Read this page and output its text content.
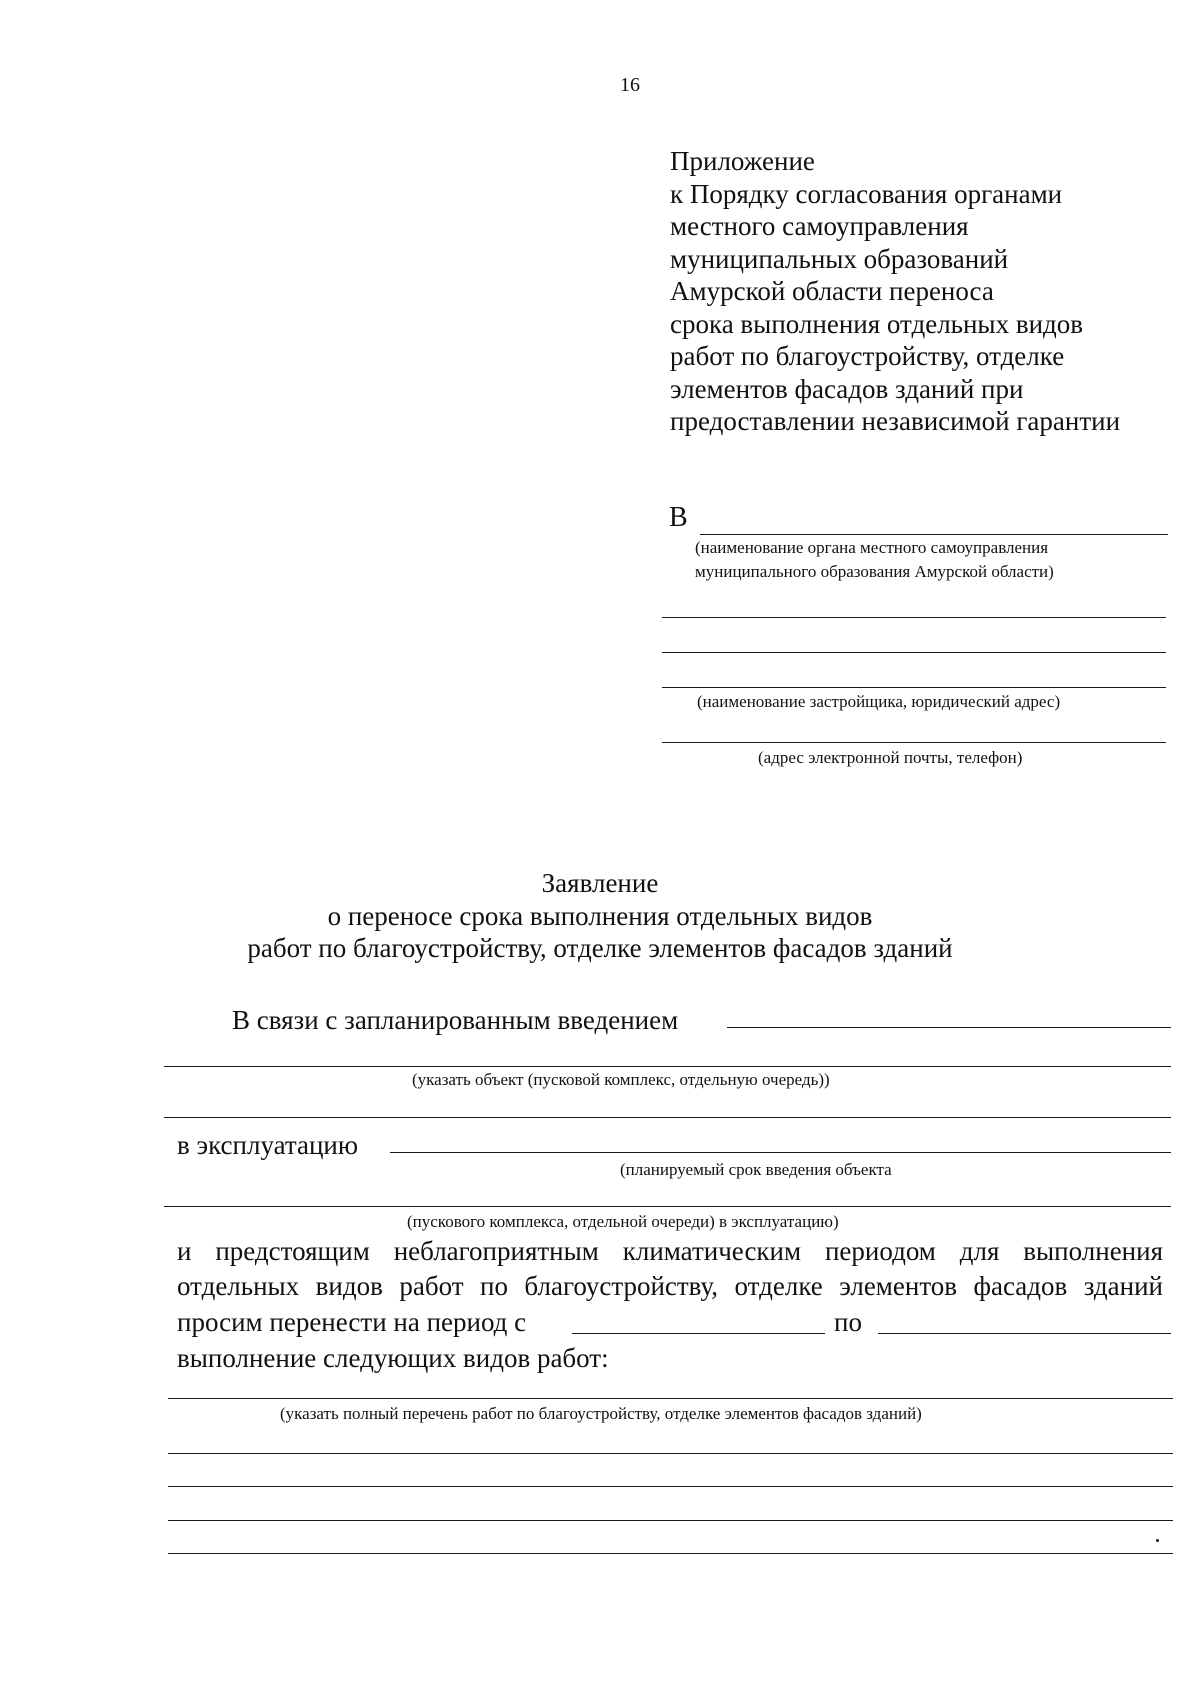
16
Приложение
к Порядку согласования органами
местного самоуправления
муниципальных образований
Амурской области переноса
срока выполнения отдельных видов
работ по благоустройству, отделке
элементов фасадов зданий при
предоставлении независимой гарантии
В
(наименование органа местного самоуправления
муниципального образования Амурской области)
(наименование застройщика, юридический адрес)
(адрес электронной почты, телефон)
Заявление
о переносе срока выполнения отдельных видов
работ по благоустройству, отделке элементов фасадов зданий
В связи с запланированным введением
(указать объект (пусковой комплекс, отдельную очередь))
в эксплуатацию
(планируемый срок введения объекта
(пускового комплекса, отдельной очереди) в эксплуатацию)
и предстоящим неблагоприятным климатическим периодом для выполнения
отдельных видов работ по благоустройству, отделке элементов фасадов зданий
просим перенести на период с	по
выполнение следующих видов работ:
(указать полный перечень работ по благоустройству, отделке элементов фасадов зданий)
